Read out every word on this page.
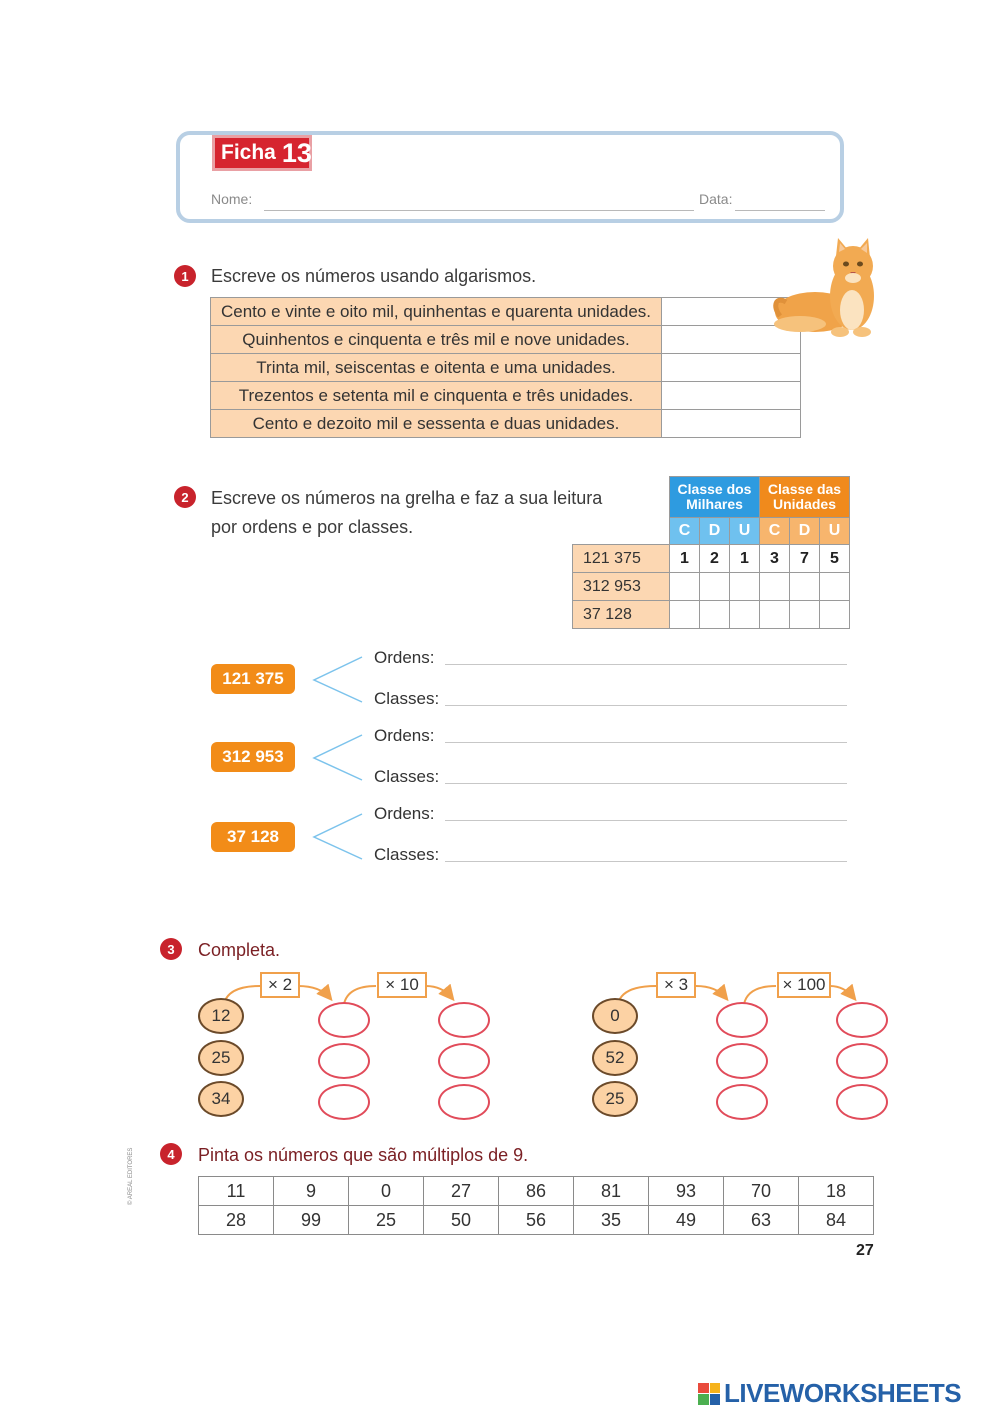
Ficha 13
Nome:	Data:
1	Escreve os números usando algarismos.
Cento e vinte e oito mil, quinhentas e quarenta unidades.	
Quinhentos e cinquenta e três mil e nove unidades.	
Trinta mil, seiscentas e oitenta e uma unidades.	
Trezentos e setenta mil e cinquenta e três unidades.	
Cento e dezoito mil e sessenta e duas unidades.	
2	Escreve os números na grelha e faz a sua leitura
por ordens e por classes.
	Classe dos Milhares			Classe das Unidades		
	C	D	U	C	D	U
121 375	1	2	1	3	7	5
312 953						
37 128						
121 375
Ordens:
Classes:
312 953
Ordens:
Classes:
37 128
Ordens:
Classes:
3	Completa.
× 2	× 10
12
25
34
× 3	× 100
0
52
25
4	Pinta os números que são múltiplos de 9.
11	9	0	27	86	81	93	70	18
28	99	25	50	56	35	49	63	84
© AREAL EDITORES
27
LIVEWORKSHEETS
